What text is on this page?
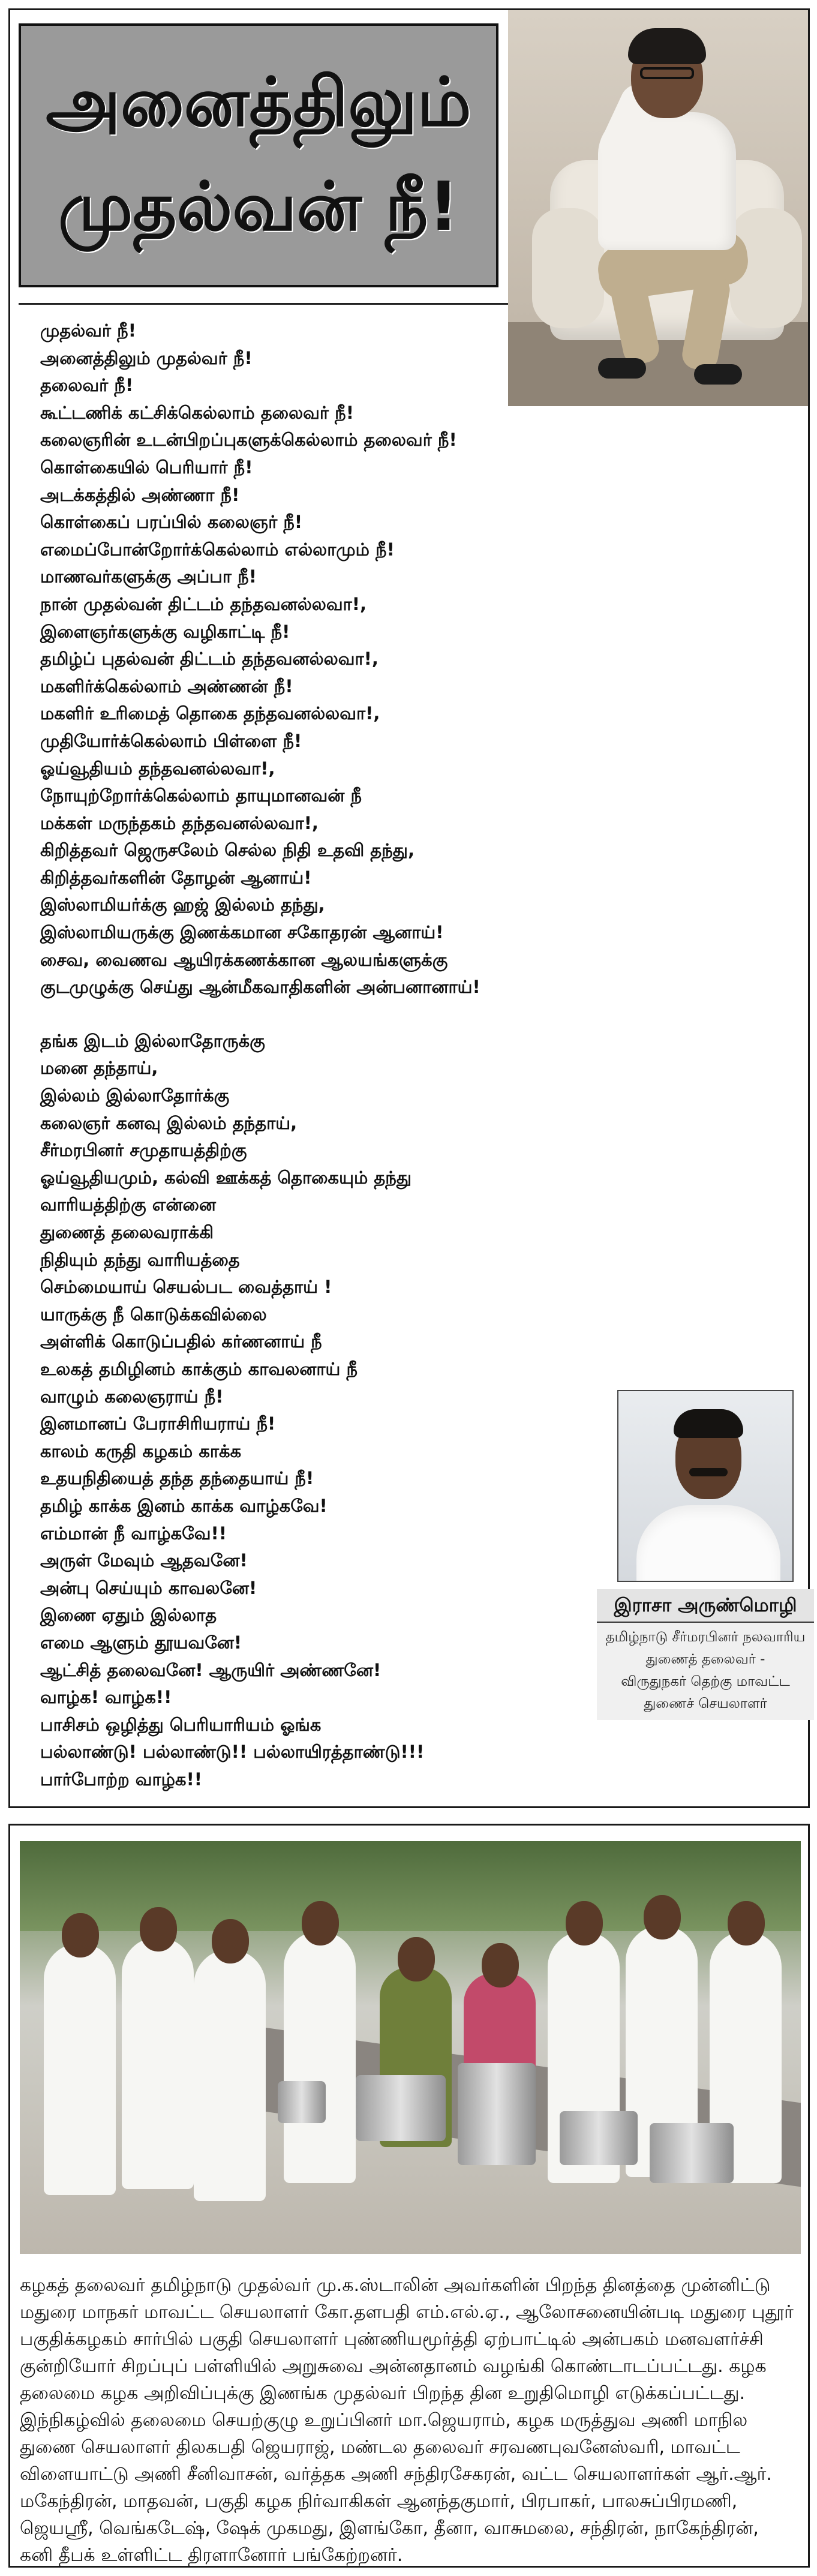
அனைத்திலும்
முதல்வன் நீ!
முதல்வர் நீ!
அனைத்திலும் முதல்வர் நீ!
தலைவர் நீ!
கூட்டணிக் கட்சிக்கெல்லாம் தலைவர் நீ!
கலைஞரின் உடன்பிறப்புகளுக்கெல்லாம் தலைவர் நீ!
கொள்கையில் பெரியார் நீ!
அடக்கத்தில் அண்ணா நீ!
கொள்கைப் பரப்பில் கலைஞர் நீ!
எமைப்போன்றோர்க்கெல்லாம் எல்லாமும் நீ!
மாணவர்களுக்கு அப்பா நீ!
நான் முதல்வன் திட்டம் தந்தவனல்லவா!,
இளைஞர்களுக்கு வழிகாட்டி நீ!
தமிழ்ப் புதல்வன் திட்டம் தந்தவனல்லவா!,
மகளிர்க்கெல்லாம் அண்ணன் நீ!
மகளிர் உரிமைத் தொகை தந்தவனல்லவா!,
முதியோர்க்கெல்லாம் பிள்ளை நீ!
ஓய்வூதியம் தந்தவனல்லவா!,
நோயுற்றோர்க்கெல்லாம் தாயுமானவன் நீ
மக்கள் மருந்தகம் தந்தவனல்லவா!,
கிறித்தவர் ஜெருசலேம் செல்ல நிதி உதவி தந்து,
கிறித்தவர்களின் தோழன் ஆனாய்!
இஸ்லாமியர்க்கு ஹஜ் இல்லம் தந்து,
இஸ்லாமியருக்கு இணக்கமான சகோதரன் ஆனாய்!
சைவ, வைணவ ஆயிரக்கணக்கான ஆலயங்களுக்கு
குடமுழுக்கு செய்து ஆன்மீகவாதிகளின் அன்பனானாய்!
தங்க இடம் இல்லாதோருக்கு
மனை தந்தாய்,
இல்லம் இல்லாதோர்க்கு
கலைஞர் கனவு இல்லம் தந்தாய்,
சீர்மரபினர் சமுதாயத்திற்கு
ஓய்வூதியமும், கல்வி ஊக்கத் தொகையும் தந்து
வாரியத்திற்கு என்னை
துணைத் தலைவராக்கி
நிதியும் தந்து வாரியத்தை
செம்மையாய் செயல்பட வைத்தாய் !
யாருக்கு நீ கொடுக்கவில்லை
அள்ளிக் கொடுப்பதில் கர்ணனாய் நீ
உலகத் தமிழினம் காக்கும் காவலனாய் நீ
வாழும் கலைஞராய் நீ!
இனமானப் பேராசிரியராய் நீ!
காலம் கருதி கழகம் காக்க
உதயநிதியைத் தந்த தந்தையாய் நீ!
தமிழ் காக்க இனம் காக்க வாழ்கவே!
எம்மான் நீ வாழ்கவே!!
அருள் மேவும் ஆதவனே!
அன்பு செய்யும் காவலனே!
இணை ஏதும் இல்லாத
எமை ஆளும் தூயவனே!
ஆட்சித் தலைவனே! ஆருயிர் அண்ணனே!
வாழ்க! வாழ்க!!
பாசிசம் ஒழித்து பெரியாரியம் ஓங்க
பல்லாண்டு! பல்லாண்டு!! பல்லாயிரத்தாண்டு!!!
பார்போற்ற வாழ்க!!
இராசா அருண்மொழி
தமிழ்நாடு சீர்மரபினர் நலவாரிய
துணைத் தலைவர் -
விருதுநகர் தெற்கு மாவட்ட
துணைச் செயலாளர்
கழகத் தலைவர் தமிழ்நாடு முதல்வர் மு.க.ஸ்டாலின் அவர்களின் பிறந்த தினத்தை முன்னிட்டு
மதுரை மாநகர் மாவட்ட செயலாளர் கோ.தளபதி எம்.எல்.ஏ., ஆலோசனையின்படி மதுரை புதூர்
பகுதிக்கழகம் சார்பில் பகுதி செயலாளர் புண்ணியமூர்த்தி ஏற்பாட்டில் அன்பகம் மனவளர்ச்சி
குன்றியோர் சிறப்புப் பள்ளியில் அறுசுவை அன்னதானம் வழங்கி கொண்டாடப்பட்டது. கழக
தலைமை கழக அறிவிப்புக்கு இணங்க முதல்வர் பிறந்த தின உறுதிமொழி எடுக்கப்பட்டது.
இந்நிகழ்வில் தலைமை செயற்குழு உறுப்பினர் மா.ஜெயராம், கழக மருத்துவ அணி மாநில
துணை செயலாளர் திலகபதி ஜெயராஜ், மண்டல தலைவர் சரவணபுவனேஸ்வரி, மாவட்ட
விளையாட்டு அணி சீனிவாசன், வர்த்தக அணி சந்திரசேகரன், வட்ட செயலாளர்கள் ஆர்.ஆர்.
மகேந்திரன், மாதவன், பகுதி கழக நிர்வாகிகள் ஆனந்தகுமார், பிரபாகர், பாலசுப்பிரமணி,
ஜெயஸ்ரீ, வெங்கடேஷ், ஷேக் முகமது, இளங்கோ, தீனா, வாசுமலை, சந்திரன், நாகேந்திரன்,
கனி தீபக் உள்ளிட்ட திரளானோர் பங்கேற்றனர்.
